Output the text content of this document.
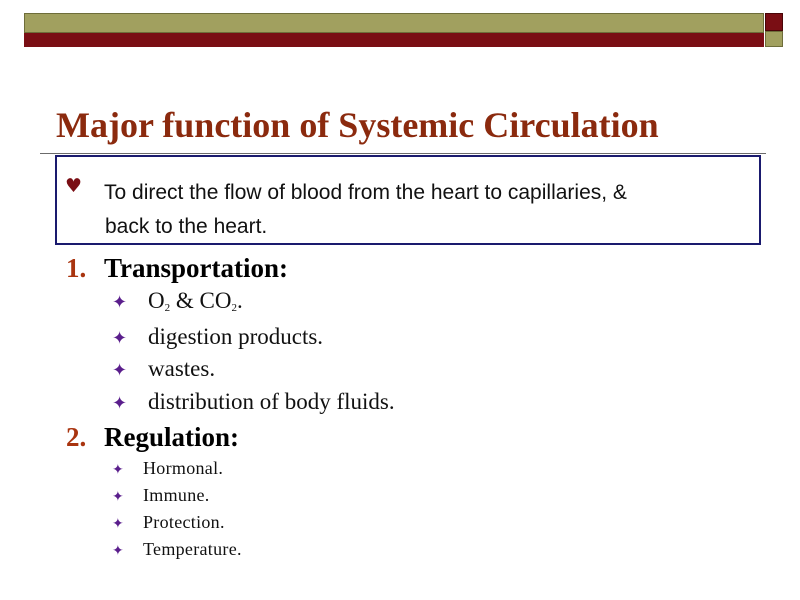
Major function of Systemic Circulation
♥ To direct the flow of blood from the heart to capillaries, &
back to the heart.

1. Transportation:
✦ $O_2$ & $CO_2$.
✦ digestion products.
✦ wastes.
✦ distribution of body fluids.
2. Regulation:
✦ Hormonal.
✦ Immune.
✦ Protection.
✦ Temperature.
